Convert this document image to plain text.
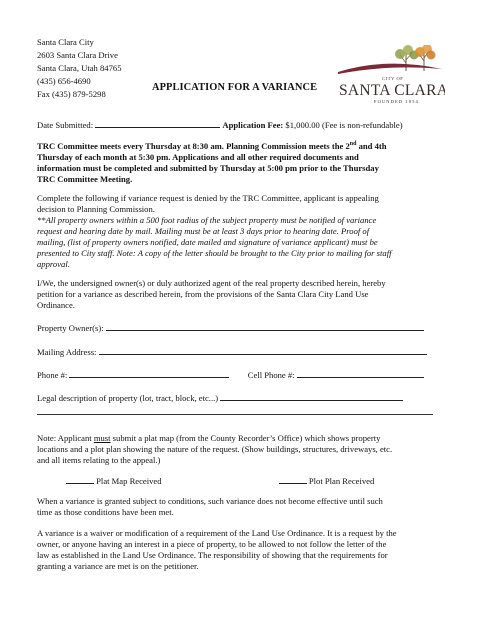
Santa Clara City
2603 Santa Clara Drive
Santa Clara, Utah 84765
(435) 656-4690
Fax (435) 879-5298
APPLICATION FOR A VARIANCE
CITY OF
SANTA CLARA
FOUNDED 1854
Date Submitted:	Application Fee: $1,000.00 (Fee is non-refundable)
TRC Committee meets every Thursday at 8:30 am. Planning Commission meets the 2nd and 4th
Thursday of each month at 5:30 pm. Applications and all other required documents and
information must be completed and submitted by Thursday at 5:00 pm prior to the Thursday
TRC Committee Meeting.
Complete the following if variance request is denied by the TRC Committee, applicant is appealing
decision to Planning Commission.
**All property owners within a 500 foot radius of the subject property must be notified of variance
request and hearing date by mail. Mailing must be at least 3 days prior to hearing date. Proof of
mailing, (list of property owners notified, date mailed and signature of variance applicant) must be
presented to City staff. Note: A copy of the letter should be brought to the City prior to mailing for staff
approval.
I/We, the undersigned owner(s) or duly authorized agent of the real property described herein, hereby
petition for a variance as described herein, from the provisions of the Santa Clara City Land Use
Ordinance.
Property Owner(s):
Mailing Address:
Phone #:	Cell Phone #:
Legal description of property (lot, tract, block, etc...)
Note: Applicant must submit a plat map (from the County Recorder’s Office) which shows property
locations and a plot plan showing the nature of the request. (Show buildings, structures, driveways, etc.
and all items relating to the appeal.)
Plat Map Received	Plot Plan Received
When a variance is granted subject to conditions, such variance does not become effective until such
time as those conditions have been met.
A variance is a waiver or modification of a requirement of the Land Use Ordinance. It is a request by the
owner, or anyone having an interest in a piece of property, to be allowed to not follow the letter of the
law as established in the Land Use Ordinance. The responsibility of showing that the requirements for
granting a variance are met is on the petitioner.
